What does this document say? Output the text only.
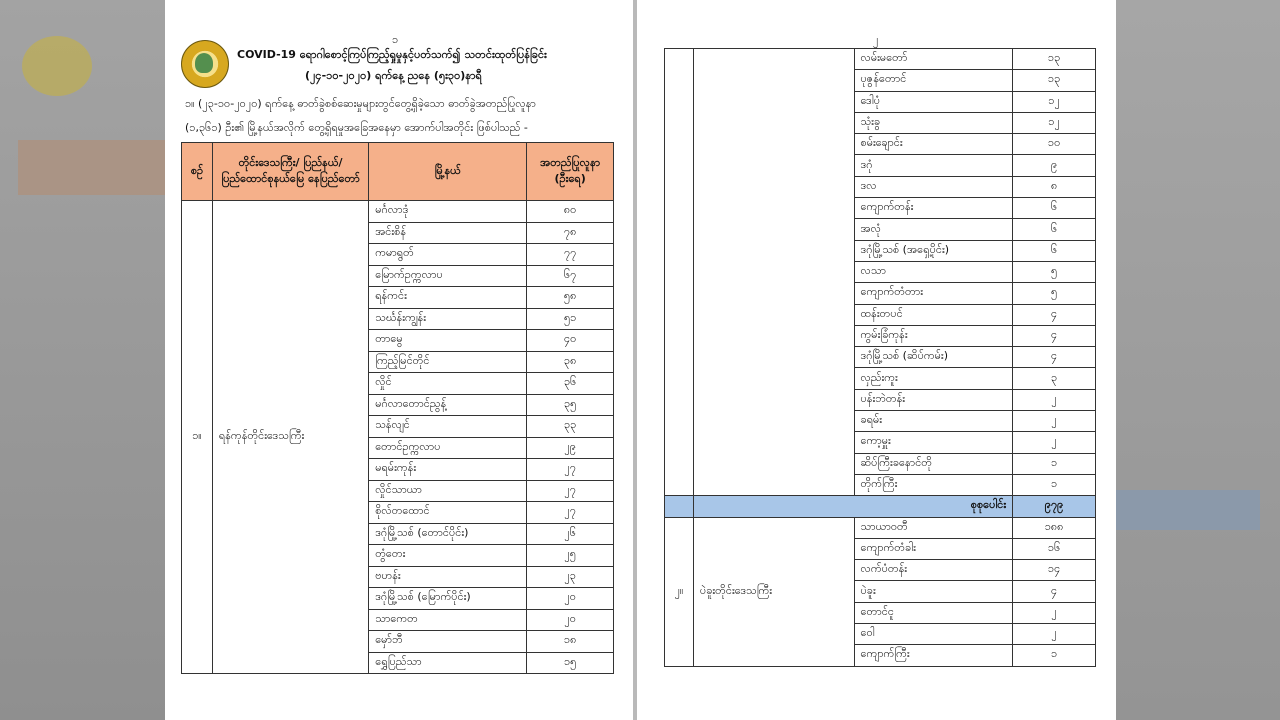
၁
COVID-19 ရောဂါစောင့်ကြပ်ကြည့်ရှုမှုနှင့်ပတ်သက်၍ သတင်းထုတ်ပြန်ခြင်း
(၂၄-၁၀-၂၀၂၀) ရက်နေ့ ညနေ (၅း၃၀)နာရီ
၁။ (၂၃-၁၀-၂၀၂၀) ရက်နေ့ ဓာတ်ခွဲစစ်ဆေးမှုများတွင်တွေ့ရှိခဲ့သော ဓာတ်ခွဲအတည်ပြုလူနာ
(၁,၃၆၁) ဦး၏ မြို့နယ်အလိုက် တွေ့ရှိရမှုအခြေအနေမှာ အောက်ပါအတိုင်း ဖြစ်ပါသည် -
စဉ်	တိုင်းဒေသကြီး/ ပြည်နယ်/ ပြည်ထောင်စုနယ်မြေ နေပြည်တော်	မြို့နယ်	အတည်ပြုလူနာ (ဦးရေ)
၁။	ရန်ကုန်တိုင်းဒေသကြီး	မင်္ဂလာဒုံ	၈၀
		အင်းစိန်	၇၈
		ကမာရွတ်	၇၇
		မြောက်ဥက္ကလာပ	၆၇
		ရန်ကင်း	၅၈
		သင်္ဃန်းကျွန်း	၅၁
		တာမွေ	၄၀
		ကြည့်မြင်တိုင်	၃၈
		လှိုင်	၃၆
		မင်္ဂလာတောင်ညွန့်	၃၅
		သန်လျင်	၃၃
		တောင်ဥက္ကလာပ	၂၉
		မရမ်းကုန်း	၂၇
		လှိုင်သာယာ	၂၇
		စိုလ်တထောင်	၂၇
		ဒဂုံမြို့သစ် (တောင်ပိုင်း)	၂၆
		တွံတေး	၂၅
		ဗဟန်း	၂၃
		ဒဂုံမြို့သစ် (မြောက်ပိုင်း)	၂၀
		သာကေတ	၂၀
		မှော်ဘီ	၁၈
		ရွှေပြည်သာ	၁၅
၂
		လမ်းမတော်	၁၃
		ပုဇွန်တောင်	၁၃
		ဒေါပုံ	၁၂
		သုံးခွ	၁၂
		စမ်းချောင်း	၁၀
		ဒဂုံ	၉
		ဒလ	၈
		ကျောက်တန်း	၆
		အလုံ	၆
		ဒဂုံမြို့သစ် (အရှေ့ပိုင်း)	၆
		လသာ	၅
		ကျောက်တံတား	၅
		ထန်းတပင်	၄
		ကွမ်းခြံကုန်း	၄
		ဒဂုံမြို့သစ် (ဆိပ်ကမ်း)	၄
		လှည်းကူး	၃
		ပန်းဘဲတန်း	၂
		ခရမ်း	၂
		ကော့မှူး	၂
		ဆိပ်ကြီးခနောင်တို	၁
		တိုက်ကြီး	၁
	စုစုပေါင်း		၉၇၉
၂။	ပဲခူးတိုင်းဒေသကြီး	သာယာဝတီ	၁၈၈
		ကျောက်တံခါး	၁၆
		လက်ပံတန်း	၁၄
		ပဲခူး	၄
		တောင်ငူ	၂
		ဝေါ	၂
		ကျောက်ကြီး	၁
